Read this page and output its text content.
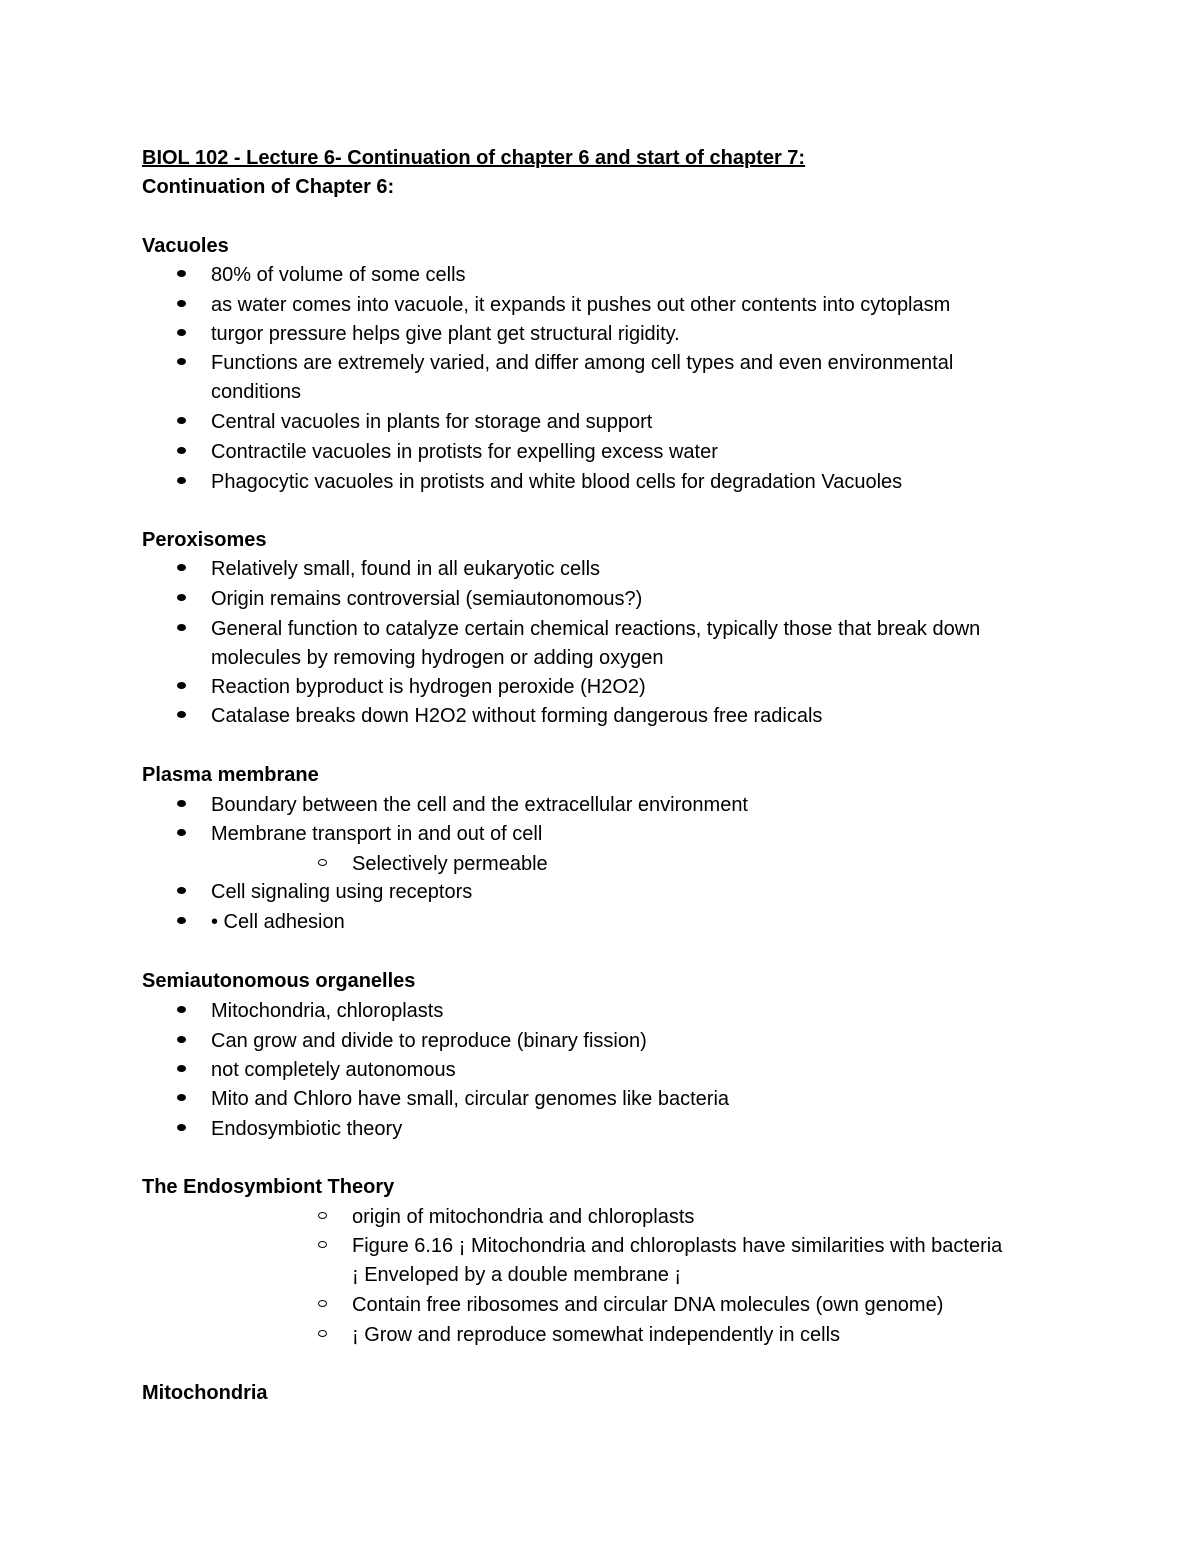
BIOL 102 - Lecture 6- Continuation of chapter 6 and start of chapter 7:
Continuation of Chapter 6:
Vacuoles
80% of volume of some cells
as water comes into vacuole, it expands it pushes out other contents into cytoplasm
turgor pressure helps give plant get structural rigidity.
Functions are extremely varied, and differ among cell types and even environmental
conditions
Central vacuoles in plants for storage and support
Contractile vacuoles in protists for expelling excess water
Phagocytic vacuoles in protists and white blood cells for degradation Vacuoles
Peroxisomes
Relatively small, found in all eukaryotic cells
Origin remains controversial (semiautonomous?)
General function to catalyze certain chemical reactions, typically those that break down
molecules by removing hydrogen or adding oxygen
Reaction byproduct is hydrogen peroxide (H2O2)
Catalase breaks down H2O2 without forming dangerous free radicals
Plasma membrane
Boundary between the cell and the extracellular environment
Membrane transport in and out of cell
Selectively permeable
Cell signaling using receptors
• Cell adhesion
Semiautonomous organelles
Mitochondria, chloroplasts
Can grow and divide to reproduce (binary fission)
not completely autonomous
Mito and Chloro have small, circular genomes like bacteria
Endosymbiotic theory
The Endosymbiont Theory
origin of mitochondria and chloroplasts
Figure 6.16 ¡ Mitochondria and chloroplasts have similarities with bacteria
¡ Enveloped by a double membrane ¡
Contain free ribosomes and circular DNA molecules (own genome)
¡ Grow and reproduce somewhat independently in cells
Mitochondria
